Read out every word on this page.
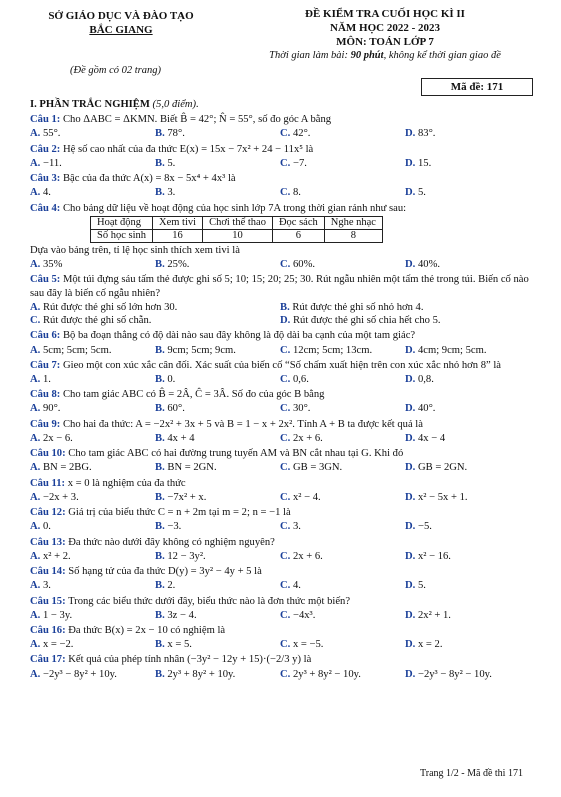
SỞ GIÁO DỤC VÀ ĐÀO TẠO
BẮC GIANG
(Đề gồm có 02 trang)
ĐỀ KIỂM TRA CUỐI HỌC KÌ II
NĂM HỌC 2022 - 2023
MÔN: TOÁN LỚP 7
Thời gian làm bài: 90 phút, không kể thời gian giao đề
Mã đề: 171
I. PHẦN TRẮC NGHIỆM (5,0 điểm).
Câu 1: Cho ΔABC = ΔKMN. Biết B̂ = 42°; N̂ = 55°, số đo góc A bằng
A. 55°.	B. 78°.	C. 42°.	D. 83°.
Câu 2: Hệ số cao nhất của đa thức E(x) = 15x − 7x² + 24 − 11x⁵ là
A. −11.	B. 5.	C. −7.	D. 15.
Câu 3: Bậc của đa thức A(x) = 8x − 5x⁴ + 4x³ là
A. 4.	B. 3.	C. 8.	D. 5.
Câu 4: Cho bảng dữ liệu về hoạt động của học sinh lớp 7A trong thời gian rảnh như sau:
Hoạt động	Xem tivi	Chơi thể thao	Đọc sách	Nghe nhạc
Số học sinh	16	10	6	8
Dựa vào bảng trên, tỉ lệ học sinh thích xem tivi là
A. 35%	B. 25%.	C. 60%.	D. 40%.
Câu 5: Một túi đựng sáu tấm thẻ được ghi số 5; 10; 15; 20; 25; 30. Rút ngẫu nhiên một tấm thẻ trong túi. Biến cố nào sau đây là biến cố ngẫu nhiên?
A. Rút được thẻ ghi số lớn hơn 30.	B. Rút được thẻ ghi số nhỏ hơn 4.
C. Rút được thẻ ghi số chẵn.	D. Rút được thẻ ghi số chia hết cho 5.
Câu 6: Bộ ba đoạn thẳng có độ dài nào sau đây không là độ dài ba cạnh của một tam giác?
A. 5cm; 5cm; 5cm.	B. 9cm; 5cm; 9cm.	C. 12cm; 5cm; 13cm.	D. 4cm; 9cm; 5cm.
Câu 7: Gieo một con xúc xắc cân đối. Xác suất của biến cố “Số chấm xuất hiện trên con xúc xắc nhỏ hơn 8” là
A. 1.	B. 0.	C. 0,6.	D. 0,8.
Câu 8: Cho tam giác ABC có B̂ = 2Â, Ĉ = 3Â. Số đo của góc B bằng
A. 90°.	B. 60°.	C. 30°.	D. 40°.
Câu 9: Cho hai đa thức: A = −2x² + 3x + 5 và B = 1 − x + 2x². Tính A + B ta được kết quả là
A. 2x − 6.	B. 4x + 4	C. 2x + 6.	D. 4x − 4
Câu 10: Cho tam giác ABC có hai đường trung tuyến AM và BN cắt nhau tại G. Khi đó
A. BN = 2BG.	B. BN = 2GN.	C. GB = 3GN.	D. GB = 2GN.
Câu 11: x = 0 là nghiệm của đa thức
A. −2x + 3.	B. −7x² + x.	C. x² − 4.	D. x² − 5x + 1.
Câu 12: Giá trị của biểu thức C = n + 2m tại m = 2; n = −1 là
A. 0.	B. −3.	C. 3.	D. −5.
Câu 13: Đa thức nào dưới đây không có nghiệm nguyên?
A. x² + 2.	B. 12 − 3y².	C. 2x + 6.	D. x² − 16.
Câu 14: Số hạng tử của đa thức D(y) = 3y² − 4y + 5 là
A. 3.	B. 2.	C. 4.	D. 5.
Câu 15: Trong các biểu thức dưới đây, biểu thức nào là đơn thức một biến?
A. 1 − 3y.	B. 3z − 4.	C. −4x³.	D. 2x² + 1.
Câu 16: Đa thức B(x) = 2x − 10 có nghiệm là
A. x = −2.	B. x = 5.	C. x = −5.	D. x = 2.
Câu 17: Kết quả của phép tính nhân (−3y² − 12y + 15)·(−2/3 y) là
A. −2y³ − 8y² + 10y.	B. 2y³ + 8y² + 10y.	C. 2y³ + 8y² − 10y.	D. −2y³ − 8y² − 10y.
Trang 1/2 - Mã đề thi 171
